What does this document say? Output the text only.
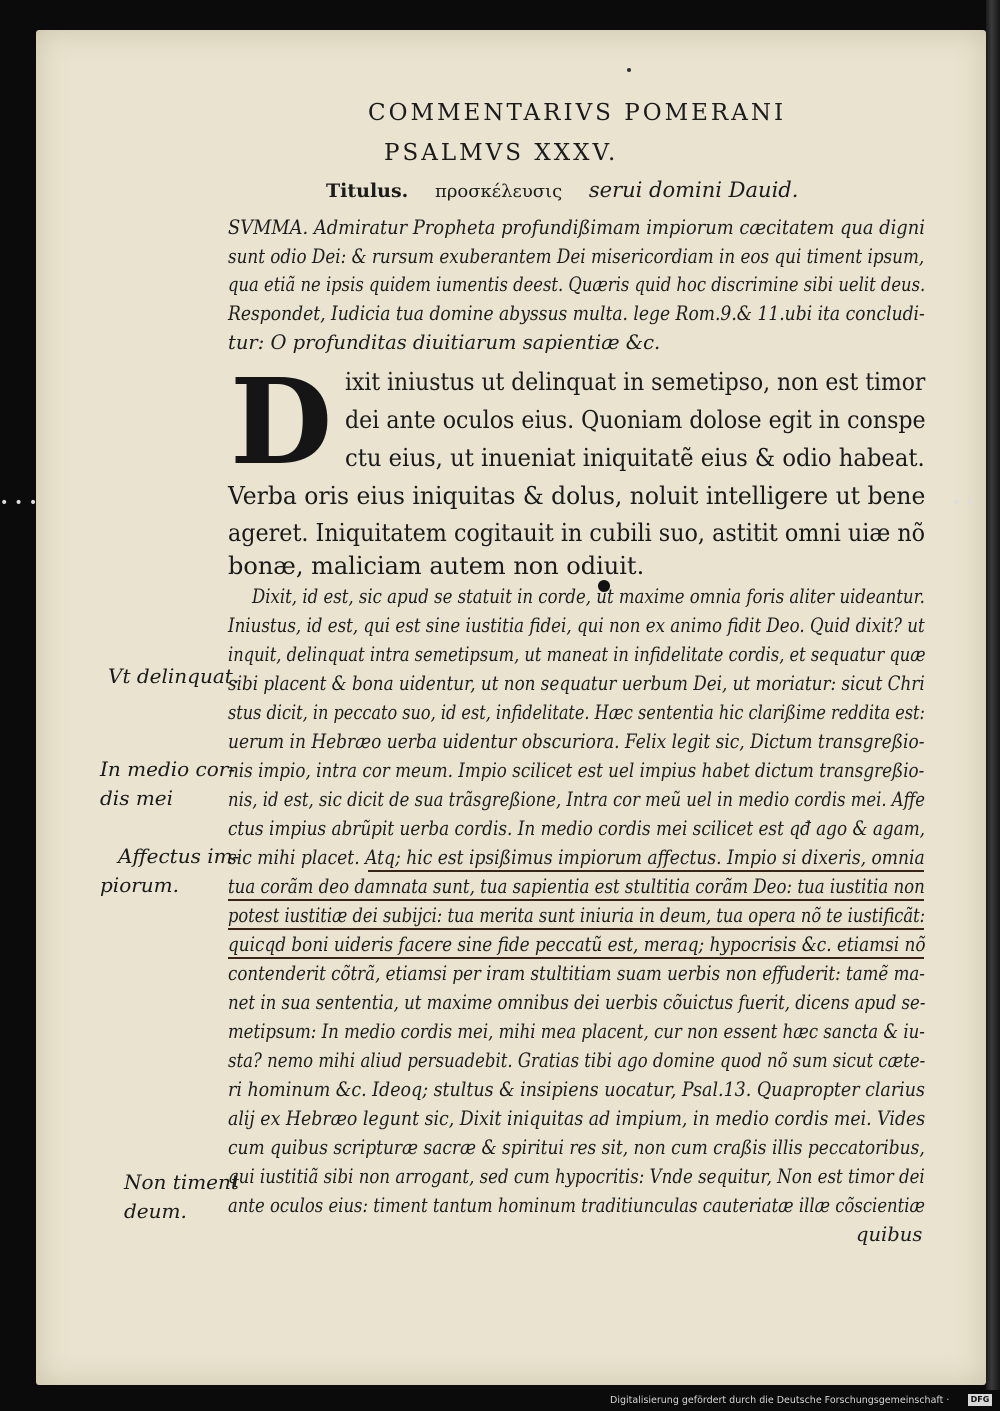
•••	••
COMMENTARIVS POMERANI
PSALMVS XXXV.
Titulus. προσκέλευσις serui domini Dauid.
SVMMA. Admiratur Propheta profundißimam impiorum cæcitatem qua digni
sunt odio Dei: & rursum exuberantem Dei misericordiam in eos qui timent ipsum,
qua etiã ne ipsis quidem iumentis deest. Quæris quid hoc discrimine sibi uelit deus.
Respondet, Iudicia tua domine abyssus multa. lege Rom.9.& 11.ubi ita concludi-
tur: O profunditas diuitiarum sapientiæ &c.
D ixit iniustus ut delinquat in semetipso, non est timor
dei ante oculos eius. Quoniam dolose egit in conspe
ctu eius, ut inueniat iniquitatẽ eius & odio habeat.
Verba oris eius iniquitas & dolus, noluit intelligere ut bene
ageret. Iniquitatem cogitauit in cubili suo, astitit omni uiæ nõ
bonæ, maliciam autem non odiuit.
Dixit, id est, sic apud se statuit in corde, ut maxime omnia foris aliter uideantur.
Iniustus, id est, qui est sine iustitia fidei, qui non ex animo fidit Deo. Quid dixit? ut
inquit, delinquat intra semetipsum, ut maneat in infidelitate cordis, et sequatur quæ
sibi placent & bona uidentur, ut non sequatur uerbum Dei, ut moriatur: sicut Chri
stus dicit, in peccato suo, id est, infidelitate. Hæc sententia hic clarißime reddita est:
uerum in Hebræo uerba uidentur obscuriora. Felix legit sic, Dictum transgreßio-
nis impio, intra cor meum. Impio scilicet est uel impius habet dictum transgreßio-
nis, id est, sic dicit de sua trãsgreßione, Intra cor meũ uel in medio cordis mei. Affe
ctus impius abrũpit uerba cordis. In medio cordis mei scilicet est qđ ago & agam,
sic mihi placet. Atq; hic est ipsißimus impiorum affectus. Impio si dixeris, omnia
tua corãm deo damnata sunt, tua sapientia est stultitia corãm Deo: tua iustitia non
potest iustitiæ dei subijci: tua merita sunt iniuria in deum, tua opera nõ te iustificãt:
quicqd boni uideris facere sine fide peccatũ est, meraq; hypocrisis &c. etiamsi nõ
contenderit cõtrã, etiamsi per iram stultitiam suam uerbis non effuderit: tamẽ ma-
net in sua sententia, ut maxime omnibus dei uerbis cõuictus fuerit, dicens apud se-
metipsum: In medio cordis mei, mihi mea placent, cur non essent hæc sancta & iu-
sta? nemo mihi aliud persuadebit. Gratias tibi ago domine quod nõ sum sicut cæte-
ri hominum &c. Ideoq; stultus & insipiens uocatur, Psal.13. Quapropter clarius
alij ex Hebræo legunt sic, Dixit iniquitas ad impium, in medio cordis mei. Vides
cum quibus scripturæ sacræ & spiritui res sit, non cum craßis illis peccatoribus,
qui iustitiã sibi non arrogant, sed cum hypocritis: Vnde sequitur, Non est timor dei
ante oculos eius: timent tantum hominum traditiunculas cauteriatæ illæ cõscientiæ
quibus
Vt delinquat.
In medio cor-
dis mei
Affectus im-
piorum.
Non timent
deum.
Digitalisierung gefördert durch die Deutsche Forschungsgemeinschaft ·	DFG
